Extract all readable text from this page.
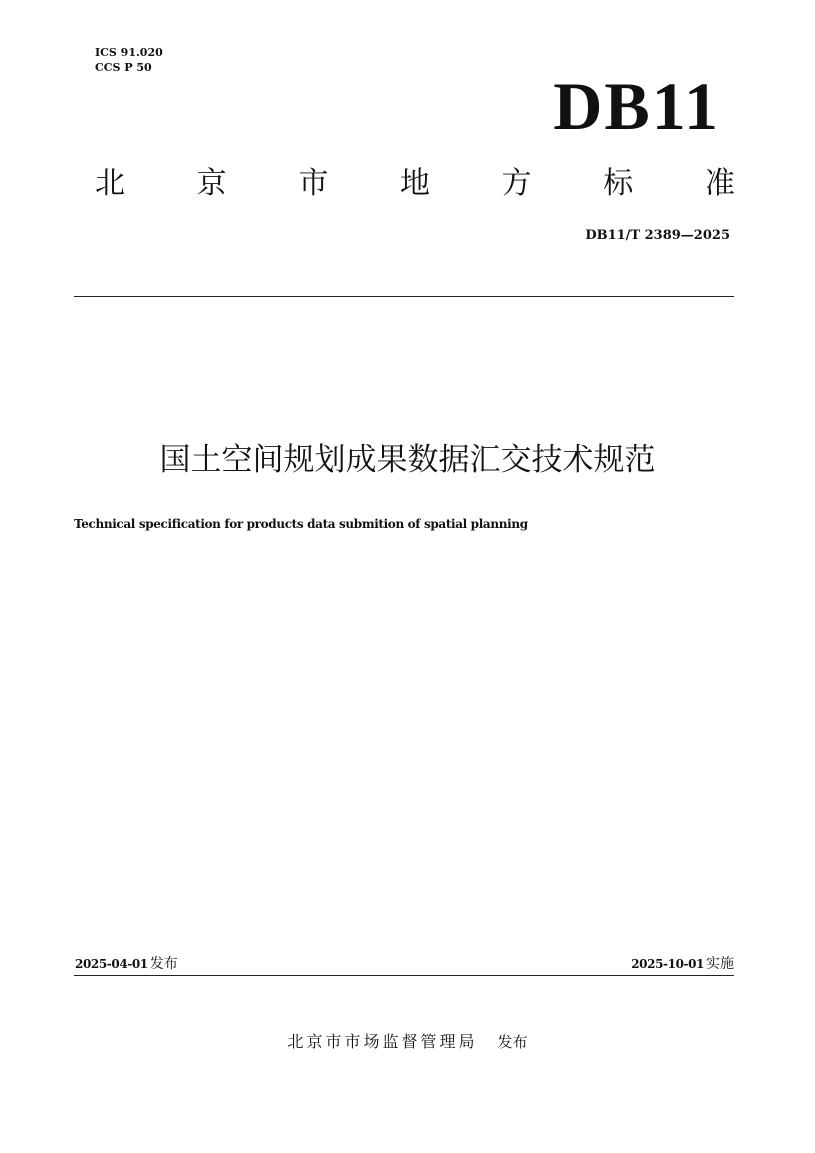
ICS 91.020
CCS P 50
DB11
北 京 市 地 方 标 准
DB11/T 2389—2025
国土空间规划成果数据汇交技术规范
Technical specification for products data submition of spatial planning
2025-04-01 发布	2025-10-01 实施
北京市市场监督管理局 发布
